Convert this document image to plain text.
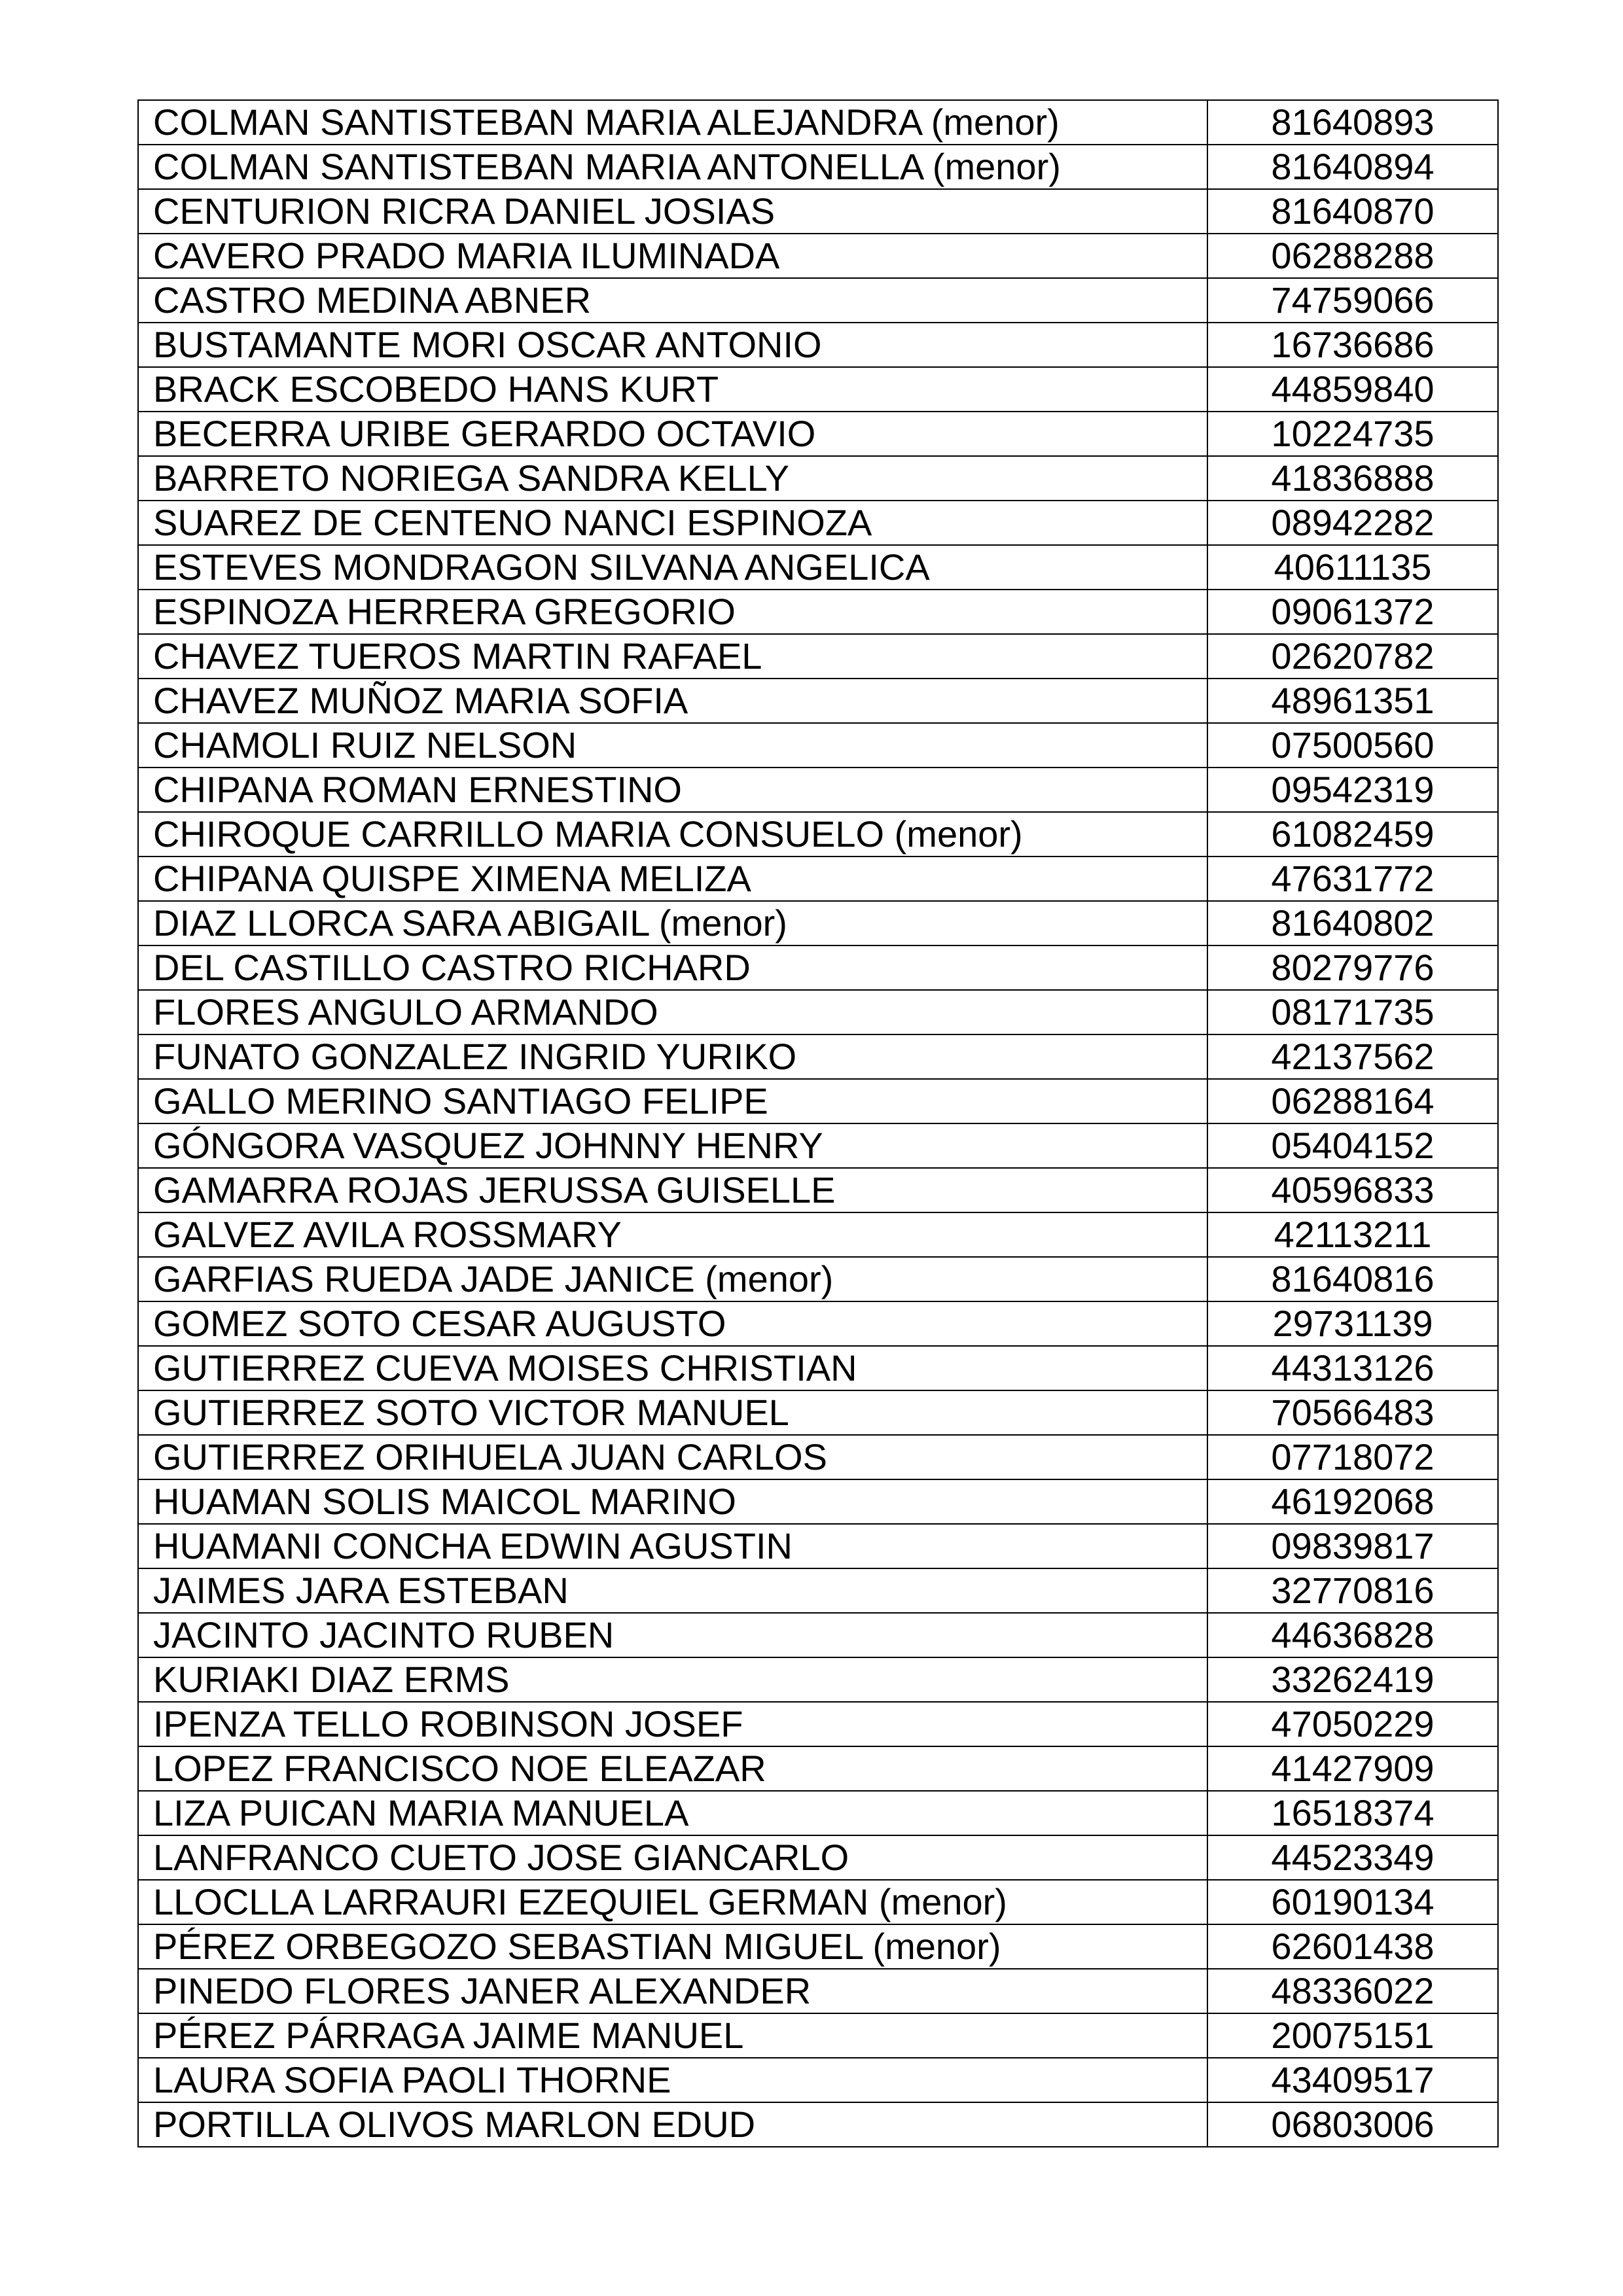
COLMAN SANTISTEBAN MARIA ALEJANDRA (menor)	81640893
COLMAN SANTISTEBAN MARIA ANTONELLA (menor)	81640894
CENTURION RICRA DANIEL JOSIAS	81640870
CAVERO PRADO MARIA ILUMINADA	06288288
CASTRO MEDINA ABNER	74759066
BUSTAMANTE MORI OSCAR ANTONIO	16736686
BRACK ESCOBEDO HANS KURT	44859840
BECERRA URIBE GERARDO OCTAVIO	10224735
BARRETO NORIEGA SANDRA KELLY	41836888
SUAREZ DE CENTENO NANCI ESPINOZA	08942282
ESTEVES MONDRAGON SILVANA ANGELICA	40611135
ESPINOZA HERRERA GREGORIO	09061372
CHAVEZ TUEROS MARTIN RAFAEL	02620782
CHAVEZ MUÑOZ MARIA SOFIA	48961351
CHAMOLI RUIZ NELSON	07500560
CHIPANA ROMAN ERNESTINO	09542319
CHIROQUE CARRILLO MARIA CONSUELO (menor)	61082459
CHIPANA QUISPE XIMENA MELIZA	47631772
DIAZ LLORCA SARA ABIGAIL (menor)	81640802
DEL CASTILLO CASTRO RICHARD	80279776
FLORES ANGULO ARMANDO	08171735
FUNATO GONZALEZ INGRID YURIKO	42137562
GALLO MERINO SANTIAGO FELIPE	06288164
GÓNGORA VASQUEZ JOHNNY HENRY	05404152
GAMARRA ROJAS JERUSSA GUISELLE	40596833
GALVEZ AVILA ROSSMARY	42113211
GARFIAS RUEDA JADE JANICE (menor)	81640816
GOMEZ SOTO CESAR AUGUSTO	29731139
GUTIERREZ CUEVA MOISES CHRISTIAN	44313126
GUTIERREZ SOTO VICTOR MANUEL	70566483
GUTIERREZ ORIHUELA JUAN CARLOS	07718072
HUAMAN SOLIS MAICOL MARINO	46192068
HUAMANI CONCHA EDWIN AGUSTIN	09839817
JAIMES JARA ESTEBAN	32770816
JACINTO JACINTO RUBEN	44636828
KURIAKI DIAZ ERMS	33262419
IPENZA TELLO ROBINSON JOSEF	47050229
LOPEZ FRANCISCO NOE ELEAZAR	41427909
LIZA PUICAN MARIA MANUELA	16518374
LANFRANCO CUETO JOSE GIANCARLO	44523349
LLOCLLA LARRAURI EZEQUIEL GERMAN (menor)	60190134
PÉREZ ORBEGOZO SEBASTIAN MIGUEL (menor)	62601438
PINEDO FLORES JANER ALEXANDER	48336022
PÉREZ PÁRRAGA JAIME MANUEL	20075151
LAURA SOFIA PAOLI THORNE	43409517
PORTILLA OLIVOS MARLON EDUD	06803006
